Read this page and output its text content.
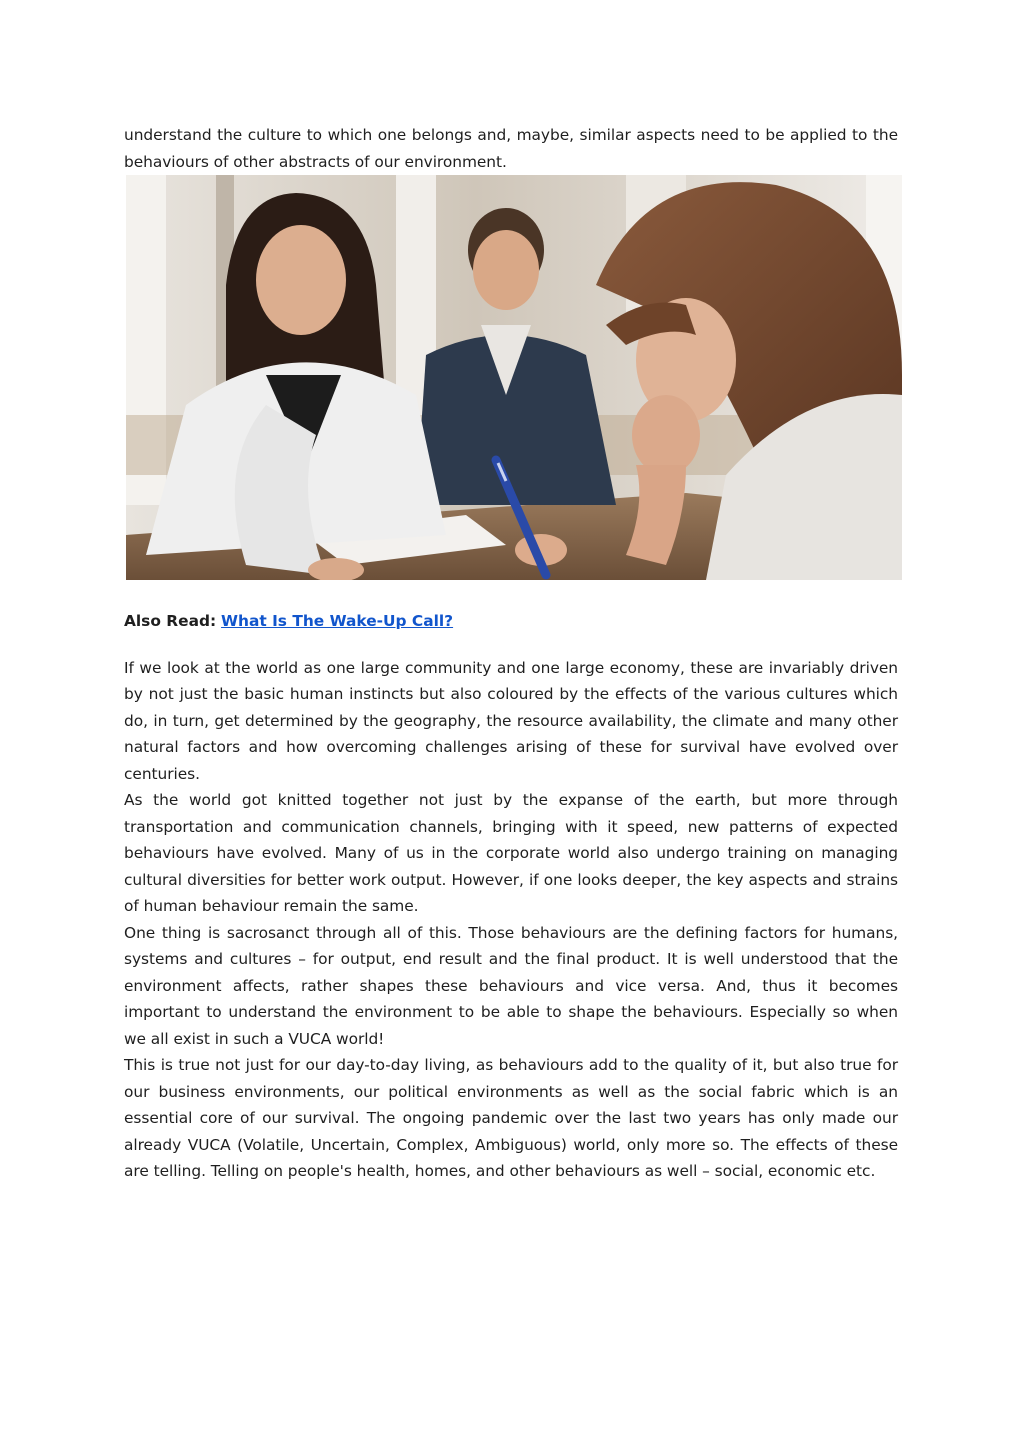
understand the culture to which one belongs and, maybe, similar aspects need to be applied to the behaviours of other abstracts of our environment.

Also Read: What Is The Wake-Up Call?

If we look at the world as one large community and one large economy, these are invariably driven by not just the basic human instincts but also coloured by the effects of the various cultures which do, in turn, get determined by the geography, the resource availability, the climate and many other natural factors and how overcoming challenges arising of these for survival have evolved over centuries.

As the world got knitted together not just by the expanse of the earth, but more through transportation and communication channels, bringing with it speed, new patterns of expected behaviours have evolved. Many of us in the corporate world also undergo training on managing cultural diversities for better work output. However, if one looks deeper, the key aspects and strains of human behaviour remain the same.

One thing is sacrosanct through all of this. Those behaviours are the defining factors for humans, systems and cultures – for output, end result and the final product. It is well understood that the environment affects, rather shapes these behaviours and vice versa. And, thus it becomes important to understand the environment to be able to shape the behaviours. Especially so when we all exist in such a VUCA world!

This is true not just for our day-to-day living, as behaviours add to the quality of it, but also true for our business environments, our political environments as well as the social fabric which is an essential core of our survival. The ongoing pandemic over the last two years has only made our already VUCA (Volatile, Uncertain, Complex, Ambiguous) world, only more so. The effects of these are telling. Telling on people's health, homes, and other behaviours as well – social, economic etc.
